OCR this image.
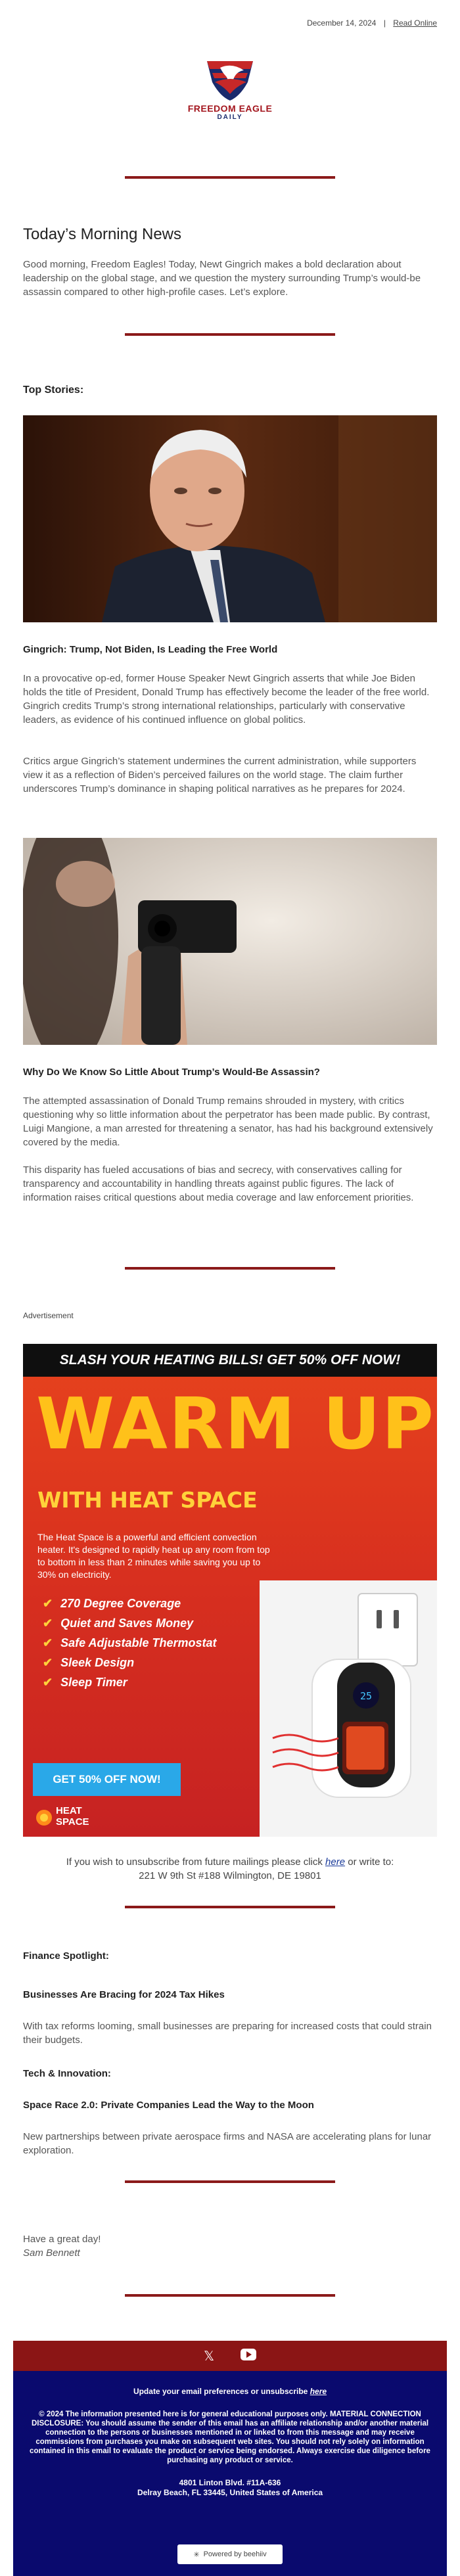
December 14, 2024 | Read Online
FREEDOM EAGLE
DAILY
Today’s Morning News

Good morning, Freedom Eagles! Today, Newt Gingrich makes a bold declaration about leadership on the global stage, and we question the mystery surrounding Trump’s would-be assassin compared to other high-profile cases. Let’s explore.

Top Stories:
Gingrich: Trump, Not Biden, Is Leading the Free World

In a provocative op-ed, former House Speaker Newt Gingrich asserts that while Joe Biden holds the title of President, Donald Trump has effectively become the leader of the free world. Gingrich credits Trump’s strong international relationships, particularly with conservative leaders, as evidence of his continued influence on global politics.

Critics argue Gingrich’s statement undermines the current administration, while supporters view it as a reflection of Biden’s perceived failures on the world stage. The claim further underscores Trump’s dominance in shaping political narratives as he prepares for 2024.

Why Do We Know So Little About Trump’s Would-Be Assassin?

The attempted assassination of Donald Trump remains shrouded in mystery, with critics questioning why so little information about the perpetrator has been made public. By contrast, Luigi Mangione, a man arrested for threatening a senator, has had his background extensively covered by the media.

This disparity has fueled accusations of bias and secrecy, with conservatives calling for transparency and accountability in handling threats against public figures. The lack of information raises critical questions about media coverage and law enforcement priorities.

Advertisement

SLASH YOUR HEATING BILLS! GET 50% OFF NOW!
WARM UP
WITH HEAT SPACE
The Heat Space is a powerful and efficient convection heater. It's designed to rapidly heat up any room from top to bottom in less than 2 minutes while saving you up to 30% on electricity.
✔ 270 Degree Coverage
✔ Quiet and Saves Money
✔ Safe Adjustable Thermostat
✔ Sleek Design
✔ Sleep Timer
25
GET 50% OFF NOW!
HEAT
SPACE
If you wish to unsubscribe from future mailings please click here or write to:
221 W 9th St #188 Wilmington, DE 19801
Finance Spotlight:
Businesses Are Bracing for 2024 Tax Hikes

With tax reforms looming, small businesses are preparing for increased costs that could strain their budgets.

Tech & Innovation:
Space Race 2.0: Private Companies Lead the Way to the Moon

New partnerships between private aerospace firms and NASA are accelerating plans for lunar exploration.

Have a great day!

Sam Bennett

𝕏
Update your email preferences or unsubscribe here
© 2024 The information presented here is for general educational purposes only. MATERIAL CONNECTION DISCLOSURE: You should assume the sender of this email has an affiliate relationship and/or another material connection to the persons or businesses mentioned in or linked to from this message and may receive commissions from purchases you make on subsequent web sites. You should not rely solely on information contained in this email to evaluate the product or service being endorsed. Always exercise due diligence before purchasing any product or service.
4801 Linton Blvd. #11A-636
Delray Beach, FL 33445, United States of America
✳ Powered by beehiiv
